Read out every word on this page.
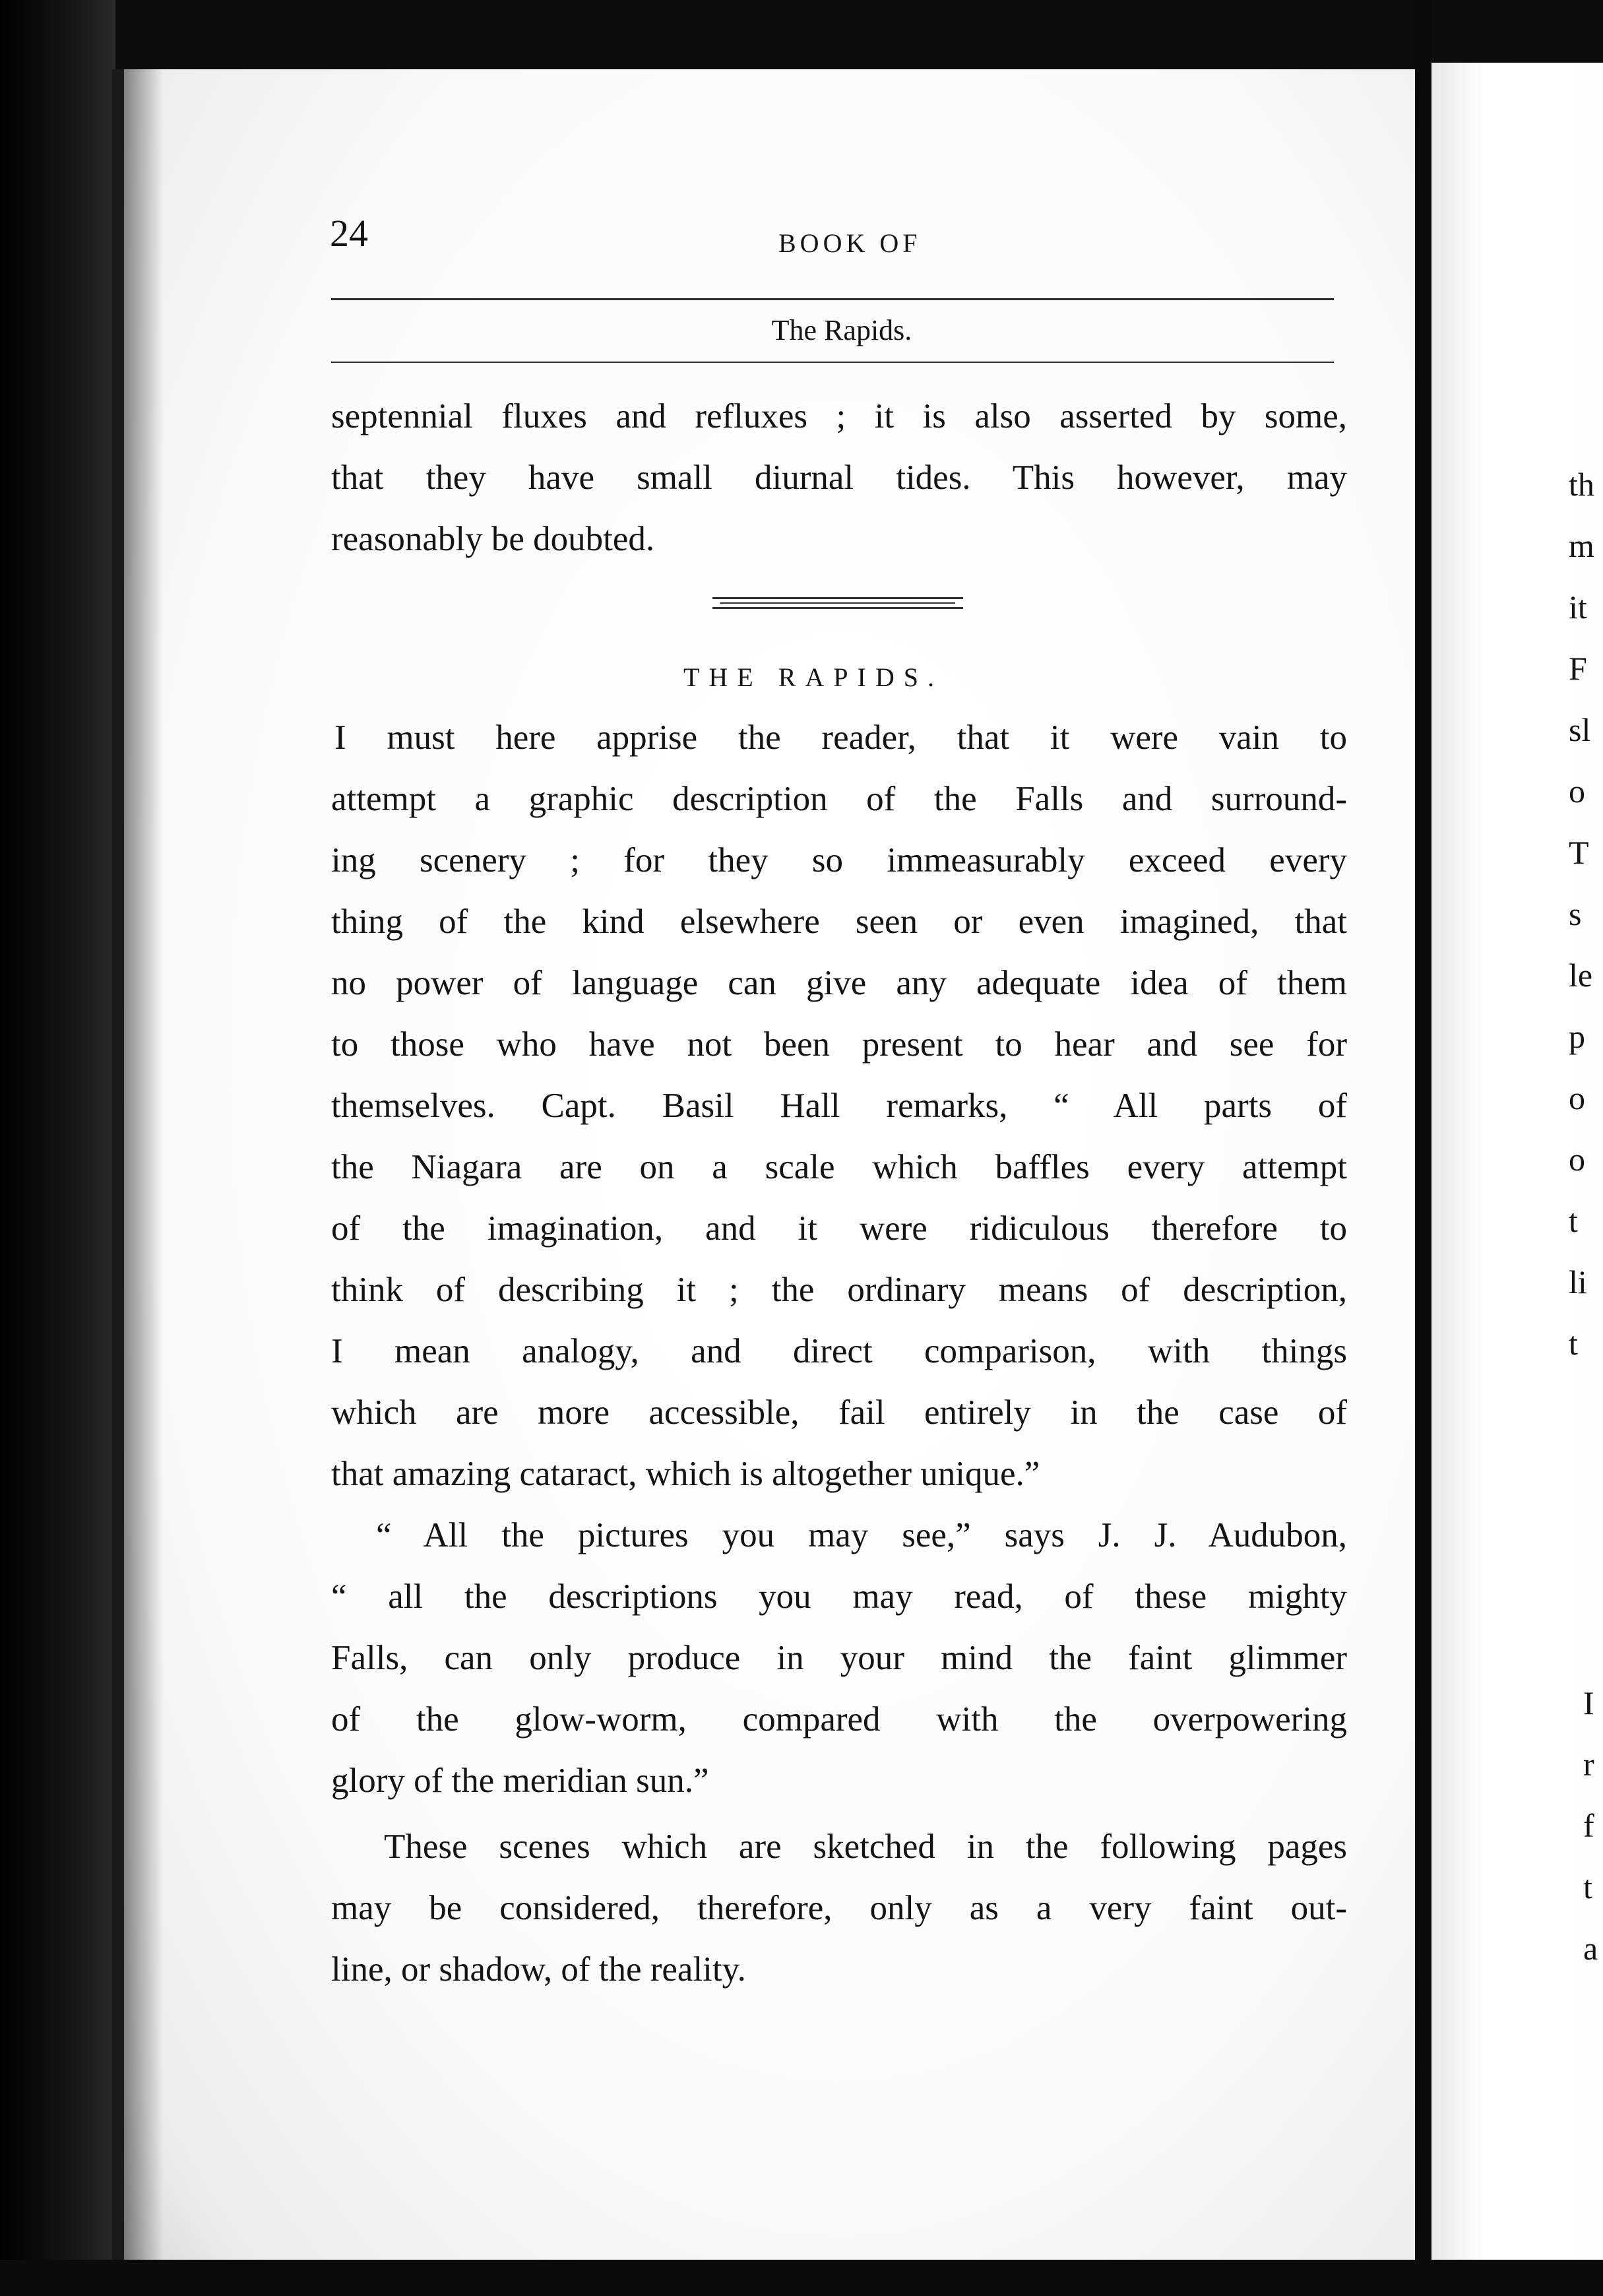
24	BOOK OF
The Rapids.
septennial fluxes and refluxes ; it is also asserted by some,
that they have small diurnal tides. This however, may
reasonably be doubted.
THE RAPIDS.
I must here apprise the reader, that it were vain to
attempt a graphic description of the Falls and surround-
ing scenery ; for they so immeasurably exceed every
thing of the kind elsewhere seen or even imagined, that
no power of language can give any adequate idea of them
to those who have not been present to hear and see for
themselves. Capt. Basil Hall remarks, “ All parts of
the Niagara are on a scale which baffles every attempt
of the imagination, and it were ridiculous therefore to
think of describing it ; the ordinary means of description,
I mean analogy, and direct comparison, with things
which are more accessible, fail entirely in the case of
that amazing cataract, which is altogether unique.”
“ All the pictures you may see,” says J. J. Audubon,
“ all the descriptions you may read, of these mighty
Falls, can only produce in your mind the faint glimmer
of the glow-worm, compared with the overpowering
glory of the meridian sun.”
These scenes which are sketched in the following pages
may be considered, therefore, only as a very faint out-
line, or shadow, of the reality.
th
m
it
F
sl
o
T
s
le
p
o
o
t
li
t
I
r
f
t
a
